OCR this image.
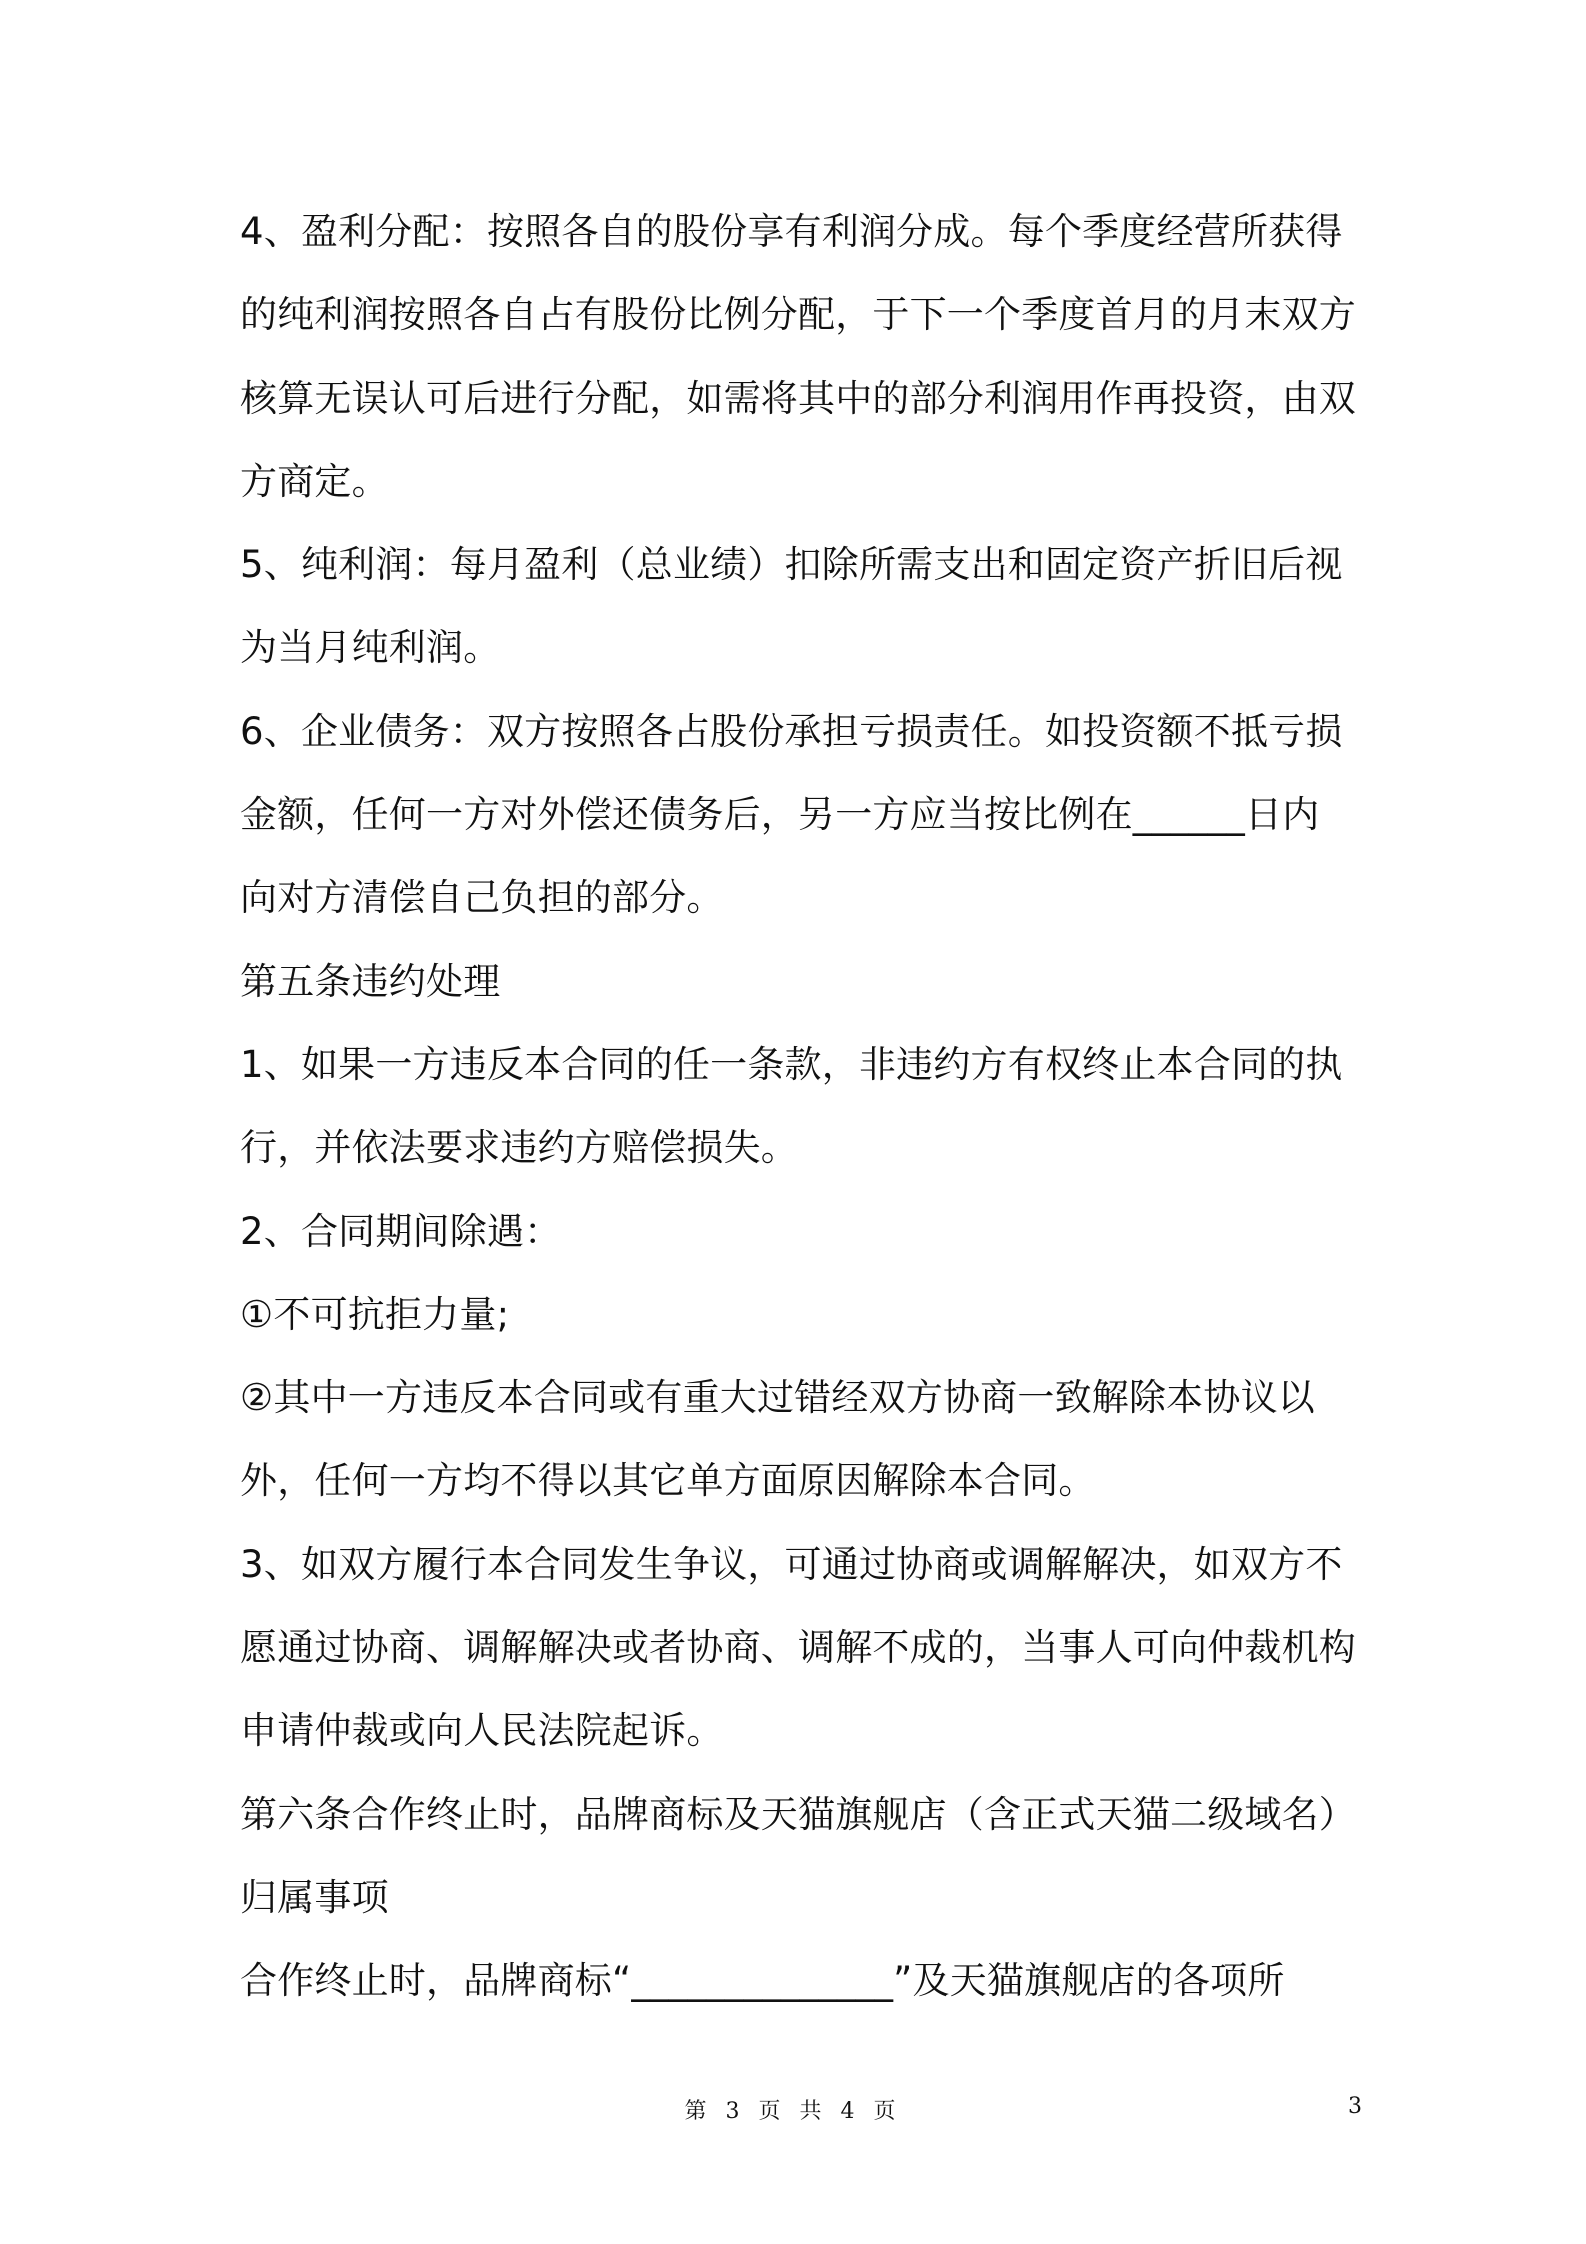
4、盈利分配：按照各自的股份享有利润分成。每个季度经营所获得
的纯利润按照各自占有股份比例分配，于下一个季度首月的月末双方
核算无误认可后进行分配，如需将其中的部分利润用作再投资，由双
方商定。
5、纯利润：每月盈利（总业绩）扣除所需支出和固定资产折旧后视
为当月纯利润。
6、企业债务：双方按照各占股份承担亏损责任。如投资额不抵亏损
金额，任何一方对外偿还债务后，另一方应当按比例在______日内
向对方清偿自己负担的部分。
第五条违约处理
1、如果一方违反本合同的任一条款，非违约方有权终止本合同的执
行，并依法要求违约方赔偿损失。
2、合同期间除遇：
①不可抗拒力量;
②其中一方违反本合同或有重大过错经双方协商一致解除本协议以
外，任何一方均不得以其它单方面原因解除本合同。
3、如双方履行本合同发生争议，可通过协商或调解解决，如双方不
愿通过协商、调解解决或者协商、调解不成的，当事人可向仲裁机构
申请仲裁或向人民法院起诉。
第六条合作终止时，品牌商标及天猫旗舰店（含正式天猫二级域名）
归属事项
合作终止时，品牌商标“______________”及天猫旗舰店的各项所
第 3 页 共 4 页	3
